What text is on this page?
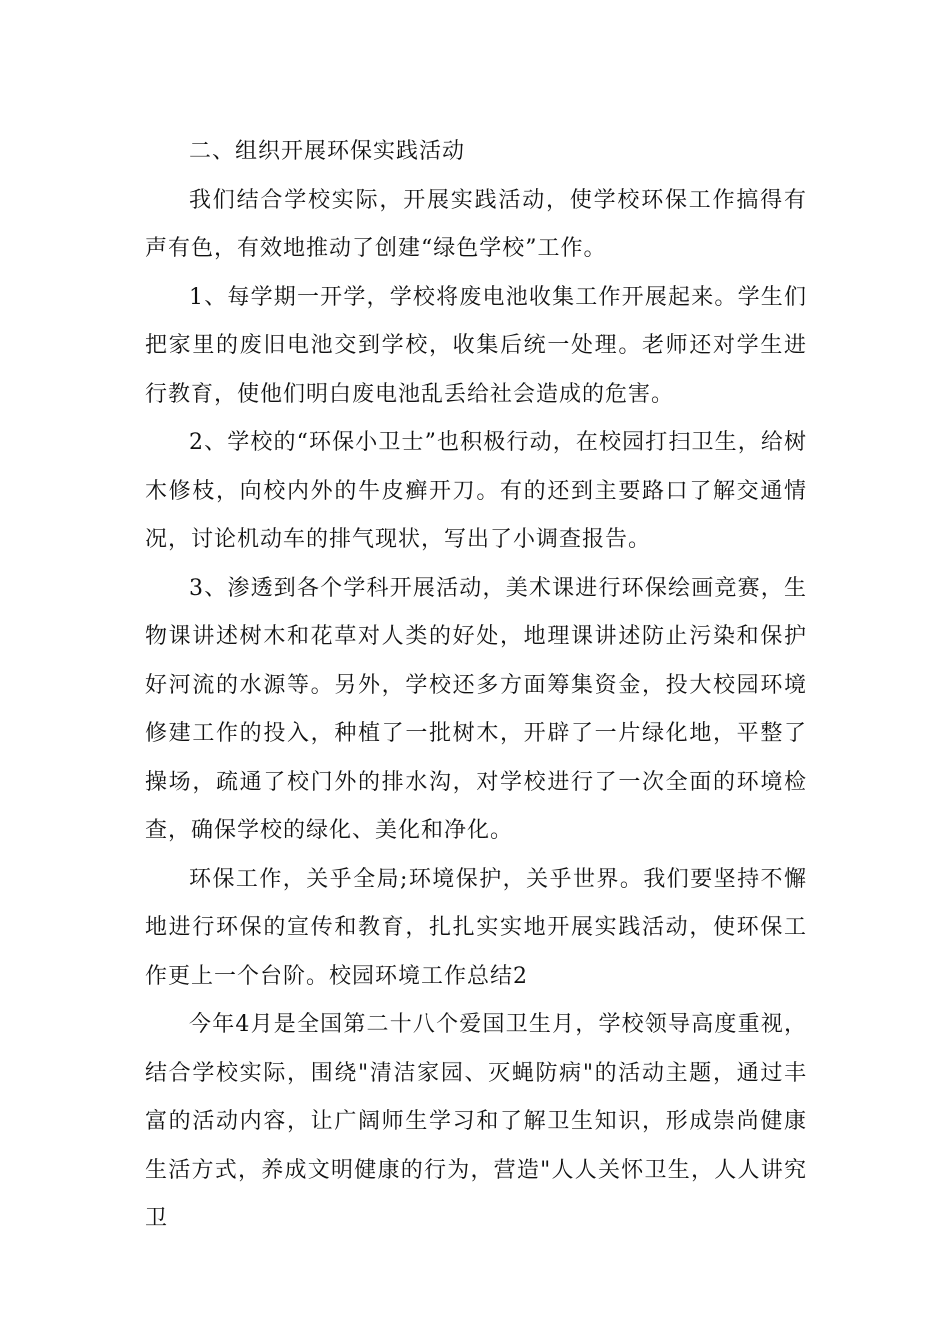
二、组织开展环保实践活动

我们结合学校实际，开展实践活动，使学校环保工作搞得有声有色，有效地推动了创建“绿色学校”工作。

1、每学期一开学，学校将废电池收集工作开展起来。学生们把家里的废旧电池交到学校，收集后统一处理。老师还对学生进行教育，使他们明白废电池乱丢给社会造成的危害。

2、学校的“环保小卫士”也积极行动，在校园打扫卫生，给树木修枝，向校内外的牛皮癣开刀。有的还到主要路口了解交通情况，讨论机动车的排气现状，写出了小调查报告。

3、渗透到各个学科开展活动，美术课进行环保绘画竞赛，生物课讲述树木和花草对人类的好处，地理课讲述防止污染和保护好河流的水源等。另外，学校还多方面筹集资金，投大校园环境修建工作的投入，种植了一批树木，开辟了一片绿化地，平整了操场，疏通了校门外的排水沟，对学校进行了一次全面的环境检查，确保学校的绿化、美化和净化。

环保工作，关乎全局;环境保护，关乎世界。我们要坚持不懈地进行环保的宣传和教育，扎扎实实地开展实践活动，使环保工作更上一个台阶。校园环境工作总结2

今年4月是全国第二十八个爱国卫生月，学校领导高度重视，结合学校实际，围绕"清洁家园、灭蝇防病"的活动主题，通过丰富的活动内容，让广阔师生学习和了解卫生知识，形成崇尚健康生活方式，养成文明健康的行为，营造"人人关怀卫生，人人讲究卫
